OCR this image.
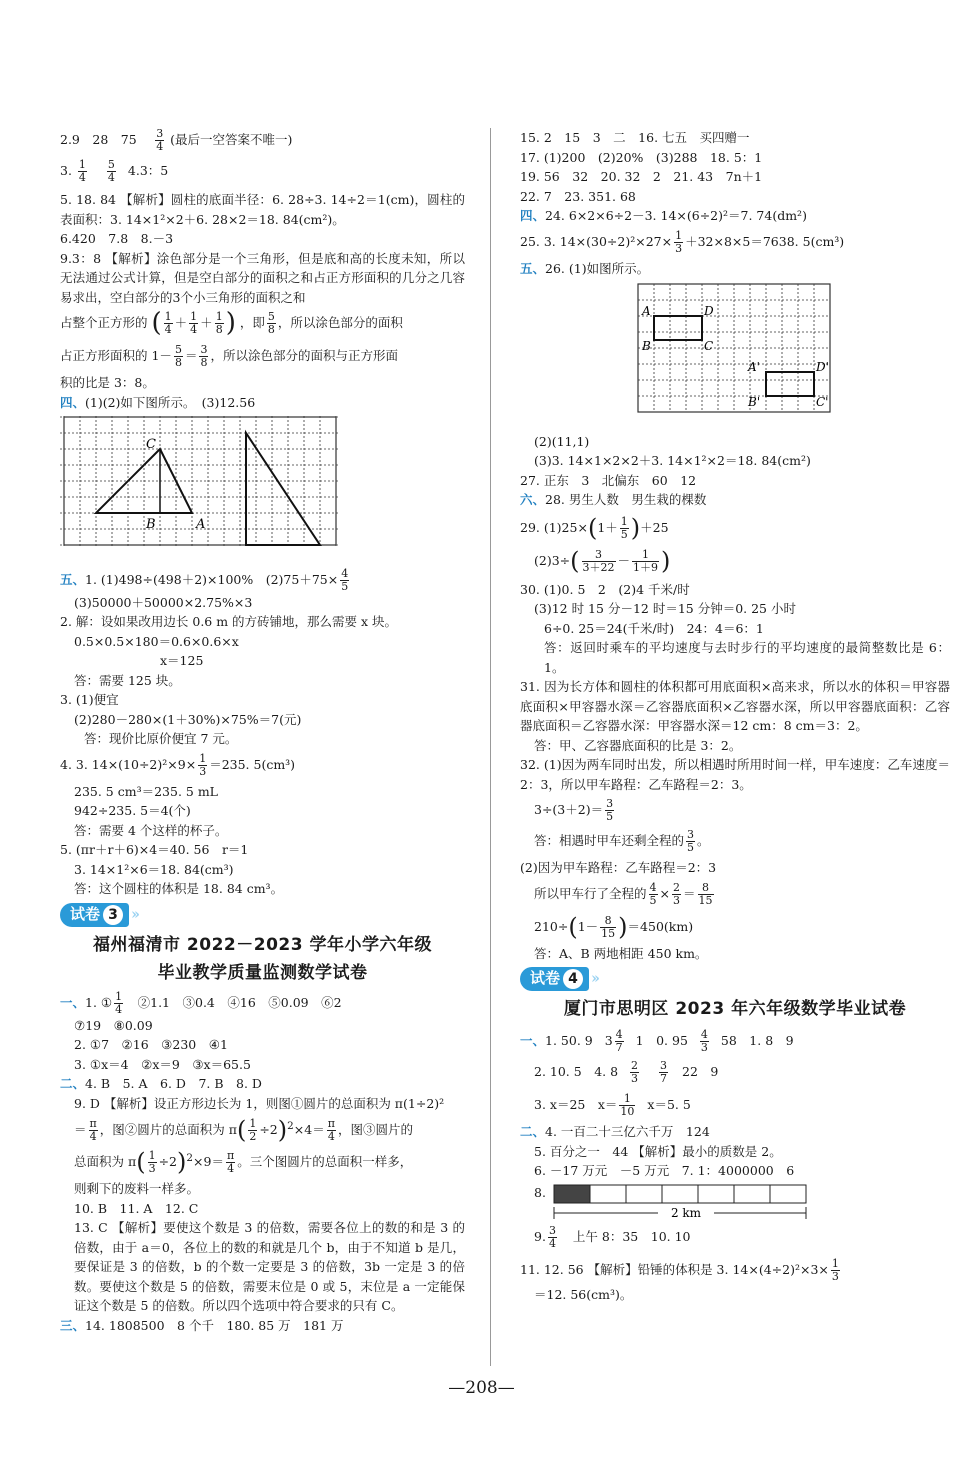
2.9　28　75　 $\frac{3}{4}$ (最后一空答案不唯一)
3. $\frac{1}{4}$
$\frac{5}{4} 4.3$：5
5. 18. 84 【解析】圆柱的底面半径：6. 28÷3. 14÷2＝1(cm)，圆柱的表面积：3. 14×1²×2＋6. 28×2＝18. 84(cm²)。
6.420　7.8　8.－3
9.3：8 【解析】涂色部分是一个三角形，但是底和高的长度未知，所以无法通过公式计算，但是空白部分的面积之和占正方形面积的几分之几容易求出，空白部分的3个小三角形的面积之和
占整个正方形的 ( $\frac{1}{4} + \frac{1}{4} + \frac{1}{8}$ ) ，即 $\frac{5}{8}$ ，所以涂色部分的面积
占正方形面积的 $1- \frac{5}{8} = \frac{3}{8}$ ，所以涂色部分的面积与正方形面
积的比是 3：8。
四、(1)(2)如下图所示。　(3)12.56
C
B	A
五、1. (1)498÷(498＋2)×100%　$(2)75+75\times \frac{4}{5}$
(3)50000＋50000×2.75%×3
2. 解：设如果改用边长 0.6 m 的方砖铺地，那么需要 x 块。
0.5×0.5×180＝0.6×0.6×x
x＝125
答：需要 125 块。
3. (1)便宜
(2)280－280×(1＋30%)×75%＝7(元)
答：现价比原价便宜 7 元。
4. 3. $14\times(10\div 2)^2\times 9\times \frac{1}{3} =235$. 5(cm³)
235. 5 cm³＝235. 5 mL
942÷235. 5＝4(个)
答：需要 4 个这样的杯子。
5. (πr＋r＋6)×4＝40. 56　r＝1
3. 14×1²×6＝18. 84(cm³)
答：这个圆柱的体积是 18. 84 cm³。
试卷 3 ››
福州福清市 2022－2023 学年小学六年级
毕业教学质量监测数学试卷
一、1. ① $\frac{1}{4}$ 　②1.1　③0.4　④16　⑤0.09　⑥2
⑦19　⑧0.09
2. ①7　②16　③230　④1
3. ①x＝4　②x＝9　③x＝65.5
二、4. B　5. A　6. D　7. B　8. D
9. D 【解析】设正方形边长为 1，则图①圆片的总面积为 π(1÷2)²
＝ $\frac{\pi}{4}$ ，图②圆片的总面积为 $\pi( \frac{1}{2} \div 2)^2\times 4= \frac{\pi}{4}$ ，图③圆片的
总面积为 $\pi( \frac{1}{3} \div 2)^2\times 9= \frac{\pi}{4}$ 。三个图圆片的总面积一样多，
则剩下的废料一样多。
10. B　11. A　12. C
13. C 【解析】要使这个数是 3 的倍数，需要各位上的数的和是 3 的倍数，由于 a＝0，各位上的数的和就是几个 b，由于不知道 b 是几，要保证是 3 的倍数，b 的个数一定要是 3 的倍数，3b 一定是 3 的倍数。要使这个数是 5 的倍数，需要末位是 0 或 5，末位是 a 一定能保证这个数是 5 的倍数。所以四个选项中符合要求的只有 C。
三、14. 1808500　8 个千　180. 85 万　181 万
15. 2　15　3　二　16. 七五　买四赠一
17. (1)200　(2)20%　(3)288　18. 5：1
19. 56　32　20. 32　2　21. 43　7n＋1
22. 7　23. 351. 68
四、24. 6×2×6÷2－3. 14×(6÷2)²＝7. 74(dm²)
25. 3. $14\times(30\div 2)^2\times 27\times \frac{1}{3} +32\times 8\times 5=7638$. 5(cm³)
五、26. (1)如图所示。
A	D
B	C
A'	D'
B'	C'
(2)(11,1)
(3)3. 14×1×2×2＋3. 14×1²×2＝18. 84(cm²)
27. 正东　3　北偏东　60　12
六、28. 男生人数　男生栽的棵数
29. $(1)25\times(1+ \frac{1}{5} )+25$
$(2)3\div( \frac{3}{3+22} - \frac{1}{1+9}$ )
30. (1)0. 5　2　(2)4 千米/时
(3)12 时 15 分－12 时＝15 分钟＝0. 25 小时
6÷0. 25＝24(千米/时)　24：4＝6：1
答：返回时乘车的平均速度与去时步行的平均速度的最简整数比是 6：1。
31. 因为长方体和圆柱的体积都可用底面积×高来求，所以水的体积＝甲容器底面积×甲容器水深＝乙容器底面积×乙容器水深，所以甲容器底面积：乙容器底面积＝乙容器水深：甲容器水深＝12 cm：8 cm＝3：2。
答：甲、乙容器底面积的比是 3：2。
32. (1)因为两车同时出发，所以相遇时所用时间一样，甲车速度：乙车速度＝2：3，所以甲车路程：乙车路程＝2：3。
$3\div(3+2)= \frac{3}{5}$
答：相遇时甲车还剩全程的 $\frac{3}{5}$ 。
(2)因为甲车路程：乙车路程＝2：3
所以甲车行了全程的 $\frac{4}{5} \times \frac{2}{3} = \frac{8}{15}$
$210\div(1- \frac{8}{15} )=450(km)$
答：A、B 两地相距 450 km。
试卷 4 ››
厦门市思明区 2023 年六年级数学毕业试卷
一、1. 50. 9 $3 \frac{4}{7} 1$　0. $95 \frac{4}{3} 58$　1. 8　9
2. 10. 5　4. $8 \frac{2}{3}$
$\frac{3}{7} 22$　9
3. x＝25　$x= \frac{1}{10} x=5$. 5
二、4. 一百二十三亿六千万　124
5. 百分之一　44 【解析】最小的质数是 2。
6. －17 万元　－5 万元　7. 1：4000000　6
8.
2 km
9. $\frac{3}{4}$ 上午 8：35　10. 10
11. 12. 56 【解析】铅锤的体积是 3. $14\times(4\div 2)^2\times 3\times \frac{1}{3}$
＝12. 56(cm³)。
—208—
